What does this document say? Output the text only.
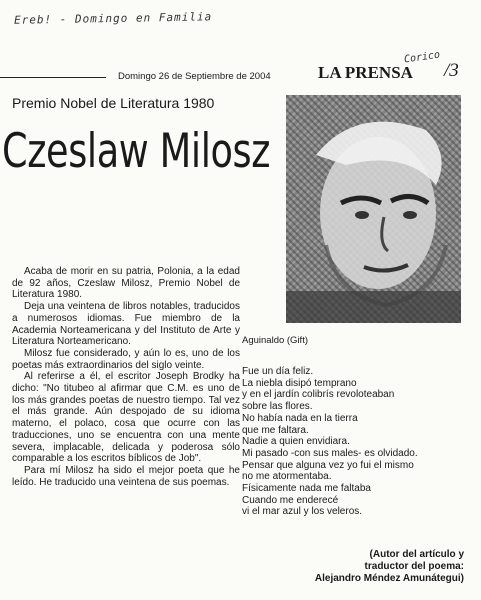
Ereb! - Domingo en Familia
Corico
Domingo 26 de Septiembre de 2004	LA PRENSA /3
Premio Nobel de Literatura 1980
Czeslaw Milosz
Aguinaldo (Gift)

Acaba de morir en su patria, Polonia, a la edad de 92 años, Czeslaw Milosz, Premio Nobel de Literatura 1980.

Deja una veintena de libros notables, traducidos a numerosos idiomas. Fue miembro de la Academia Norteamericana y del Instituto de Arte y Literatura Norteamericano.

Milosz fue considerado, y aún lo es, uno de los poetas más extraordinarios del siglo veinte.

Al referirse a él, el escritor Joseph Brodky ha dicho: "No titubeo al afirmar que C.M. es uno de los más grandes poetas de nuestro tiempo. Tal vez el más grande. Aún despojado de su idioma materno, el polaco, cosa que ocurre con las traducciones, uno se encuentra con una mente severa, implacable, delicada y poderosa sólo comparable a los escritos bíblicos de Job".

Para mí Milosz ha sido el mejor poeta que he leído. He traducido una veintena de sus poemas.

Fue un día feliz.
La niebla disipó temprano
y en el jardín colibrís revoloteaban
sobre las flores.
No había nada en la tierra
que me faltara.
Nadie a quien envidiara.
Mi pasado -con sus males- es olvidado.
Pensar que alguna vez yo fui el mismo
no me atormentaba.
Físicamente nada me faltaba
Cuando me enderecé
vi el mar azul y los veleros.
(Autor del artículo y
traductor del poema:
Alejandro Méndez Amunátegui)
